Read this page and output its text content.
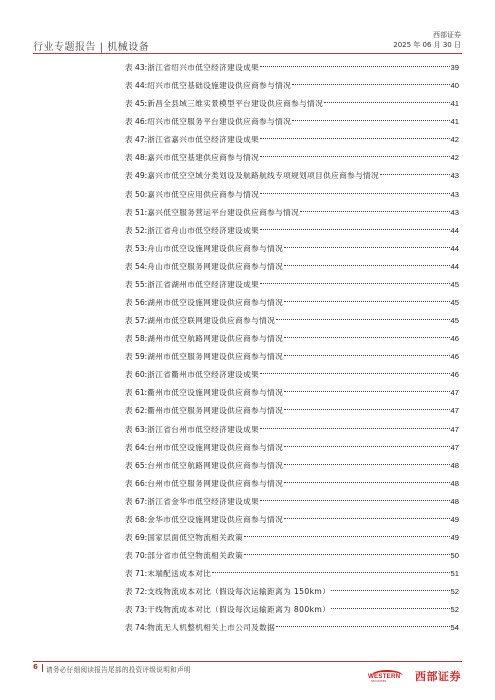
行业专题报告 | 机械设备
西部证券
2025 年 06 月 30 日
表 43: 浙江省绍兴市低空经济建设成果	39
表 44: 绍兴市低空基础设施建设供应商参与情况	40
表 45: 新昌全县域三维实景模型平台建设供应商参与情况	41
表 46: 绍兴市低空服务平台建设供应商参与情况	41
表 47: 浙江省嘉兴市低空经济建设成果	42
表 48: 嘉兴市低空基建供应商参与情况	42
表 49: 嘉兴市低空空域分类划设及航路航线专项规划项目供应商参与情况	43
表 50: 嘉兴市低空应用供应商参与情况	43
表 51: 嘉兴低空服务营运平台建设供应商参与情况	43
表 52: 浙江省舟山市低空经济建设成果	44
表 53: 舟山市低空设施网建设供应商参与情况	44
表 54: 舟山市低空服务网建设供应商参与情况	44
表 55: 浙江省湖州市低空经济建设成果	45
表 56: 湖州市低空设施网建设供应商参与情况	45
表 57: 湖州市低空联网建设供应商参与情况	45
表 58: 湖州市低空航路网建设供应商参与情况	46
表 59: 湖州市低空服务网建设供应商参与情况	46
表 60: 浙江省衢州市低空经济建设成果	46
表 61: 衢州市低空设施网建设供应商参与情况	47
表 62: 衢州市低空服务网建设供应商参与情况	47
表 63: 浙江省台州市低空经济建设成果	47
表 64: 台州市低空设施网建设供应商参与情况	47
表 65: 台州市低空航路网建设供应商参与情况	48
表 66: 台州市低空服务网建设供应商参与情况	48
表 67: 浙江省金华市低空经济建设成果	48
表 68: 金华市低空设施网建设供应商参与情况	49
表 69: 国家层面低空物流相关政策	49
表 70: 部分省市低空物流相关政策	50
表 71: 末端配送成本对比	51
表 72: 支线物流成本对比（假设每次运输距离为 150km）	52
表 73: 干线物流成本对比（假设每次运输距离为 800km）	52
表 74: 物流无人机整机相关上市公司及数据	54
6 请务必仔细阅读报告尾部的投资评级说明和声明
WESTERN
SECURITIES	西部证券
